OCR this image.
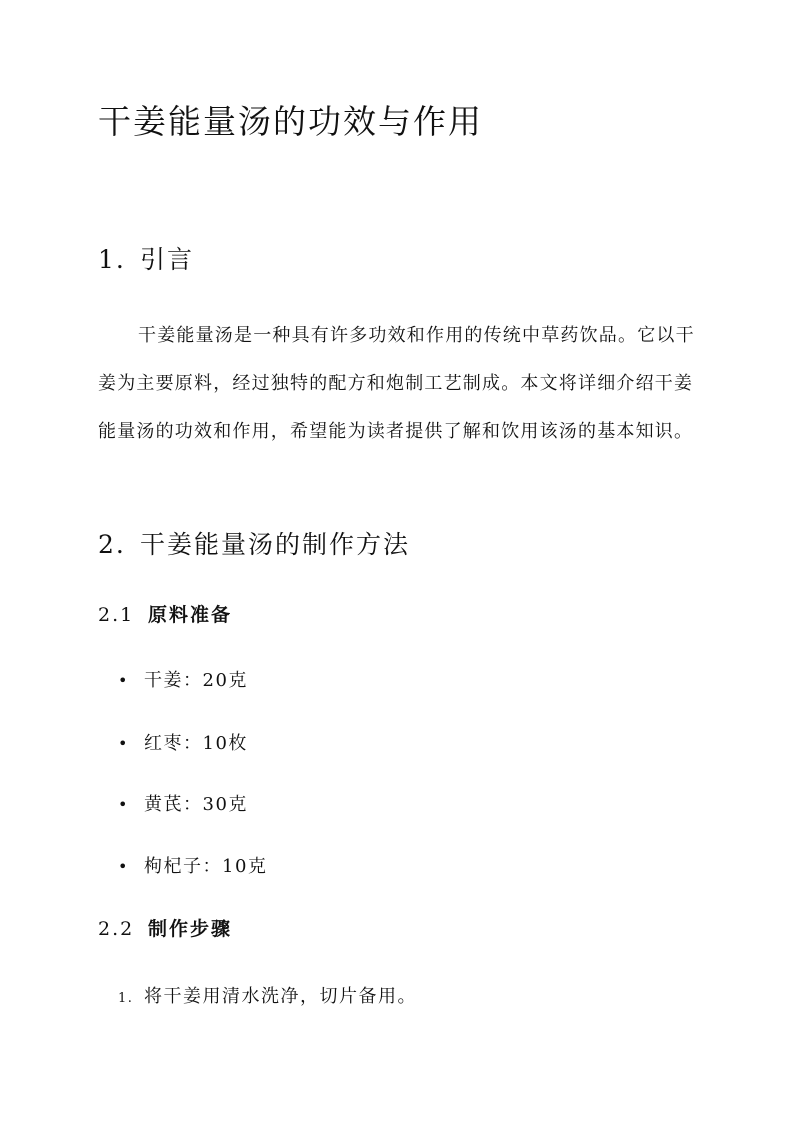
干姜能量汤的功效与作用
1. 引言

干姜能量汤是一种具有许多功效和作用的传统中草药饮品。它以干姜为主要原料，经过独特的配方和炮制工艺制成。本文将详细介绍干姜能量汤的功效和作用，希望能为读者提供了解和饮用该汤的基本知识。

2. 干姜能量汤的制作方法
2.1 原料准备

• 干姜：20克

• 红枣：10枚

• 黄芪：30克

• 枸杞子：10克

2.2 制作步骤

1. 将干姜用清水洗净，切片备用。
